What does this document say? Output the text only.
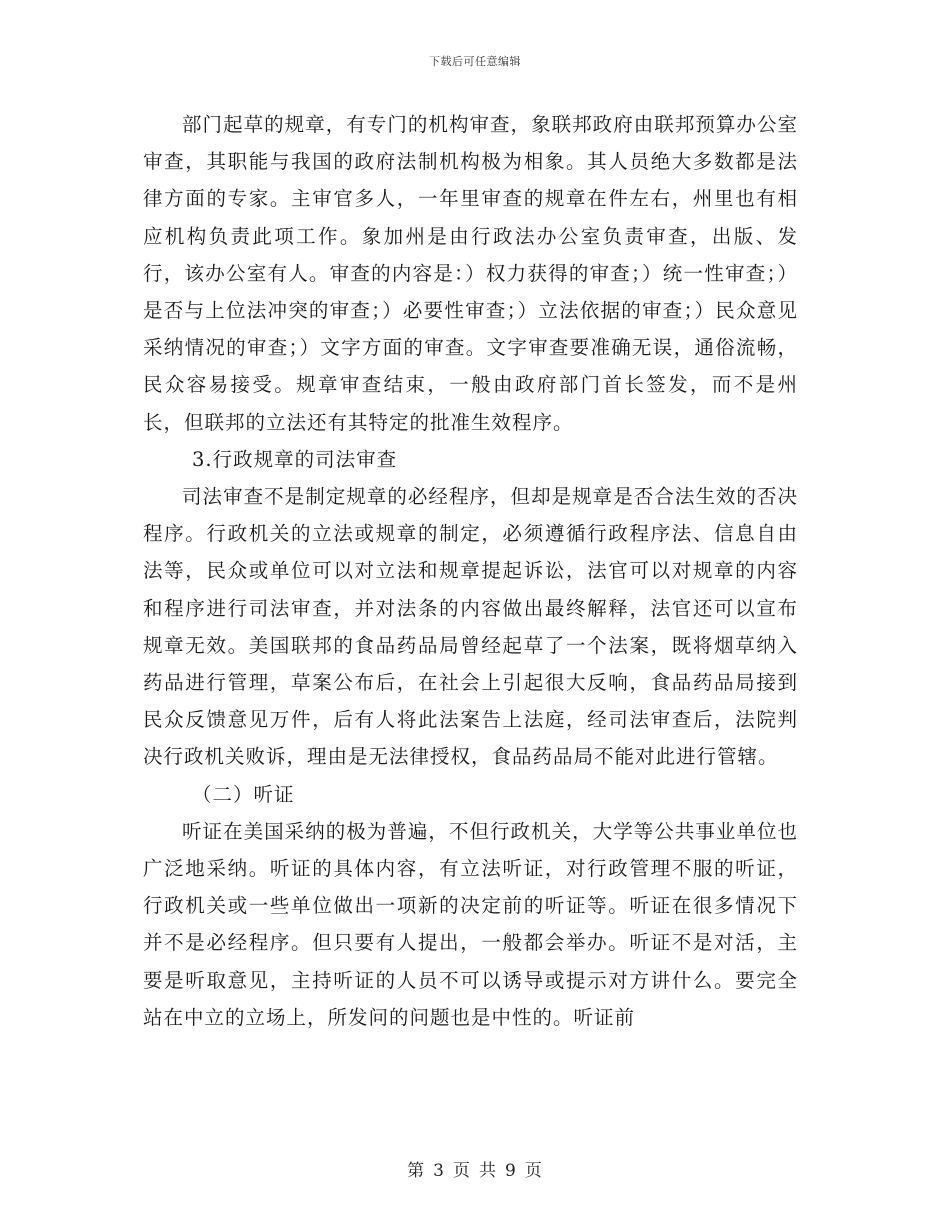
下载后可任意编辑

部门起草的规章，有专门的机构审查，象联邦政府由联邦预算办公室审查，其职能与我国的政府法制机构极为相象。其人员绝大多数都是法律方面的专家。主审官多人，一年里审查的规章在件左右，州里也有相应机构负责此项工作。象加州是由行政法办公室负责审查，出版、发行，该办公室有人。审查的内容是：）权力获得的审查；）统一性审查；）是否与上位法冲突的审查；）必要性审查；）立法依据的审查；）民众意见采纳情况的审查；）文字方面的审查。文字审查要准确无误，通俗流畅，民众容易接受。规章审查结束，一般由政府部门首长签发，而不是州长，但联邦的立法还有其特定的批准生效程序。

3.行政规章的司法审查

司法审查不是制定规章的必经程序，但却是规章是否合法生效的否决程序。行政机关的立法或规章的制定，必须遵循行政程序法、信息自由法等，民众或单位可以对立法和规章提起诉讼，法官可以对规章的内容和程序进行司法审查，并对法条的内容做出最终解释，法官还可以宣布规章无效。美国联邦的食品药品局曾经起草了一个法案，既将烟草纳入药品进行管理，草案公布后，在社会上引起很大反响，食品药品局接到民众反馈意见万件，后有人将此法案告上法庭，经司法审查后，法院判决行政机关败诉，理由是无法律授权，食品药品局不能对此进行管辖。

（二）听证

听证在美国采纳的极为普遍，不但行政机关，大学等公共事业单位也广泛地采纳。听证的具体内容，有立法听证，对行政管理不服的听证，行政机关或一些单位做出一项新的决定前的听证等。听证在很多情况下并不是必经程序。但只要有人提出，一般都会举办。听证不是对活，主要是听取意见，主持听证的人员不可以诱导或提示对方讲什么。要完全站在中立的立场上，所发问的问题也是中性的。听证前

第 3 页 共 9 页
